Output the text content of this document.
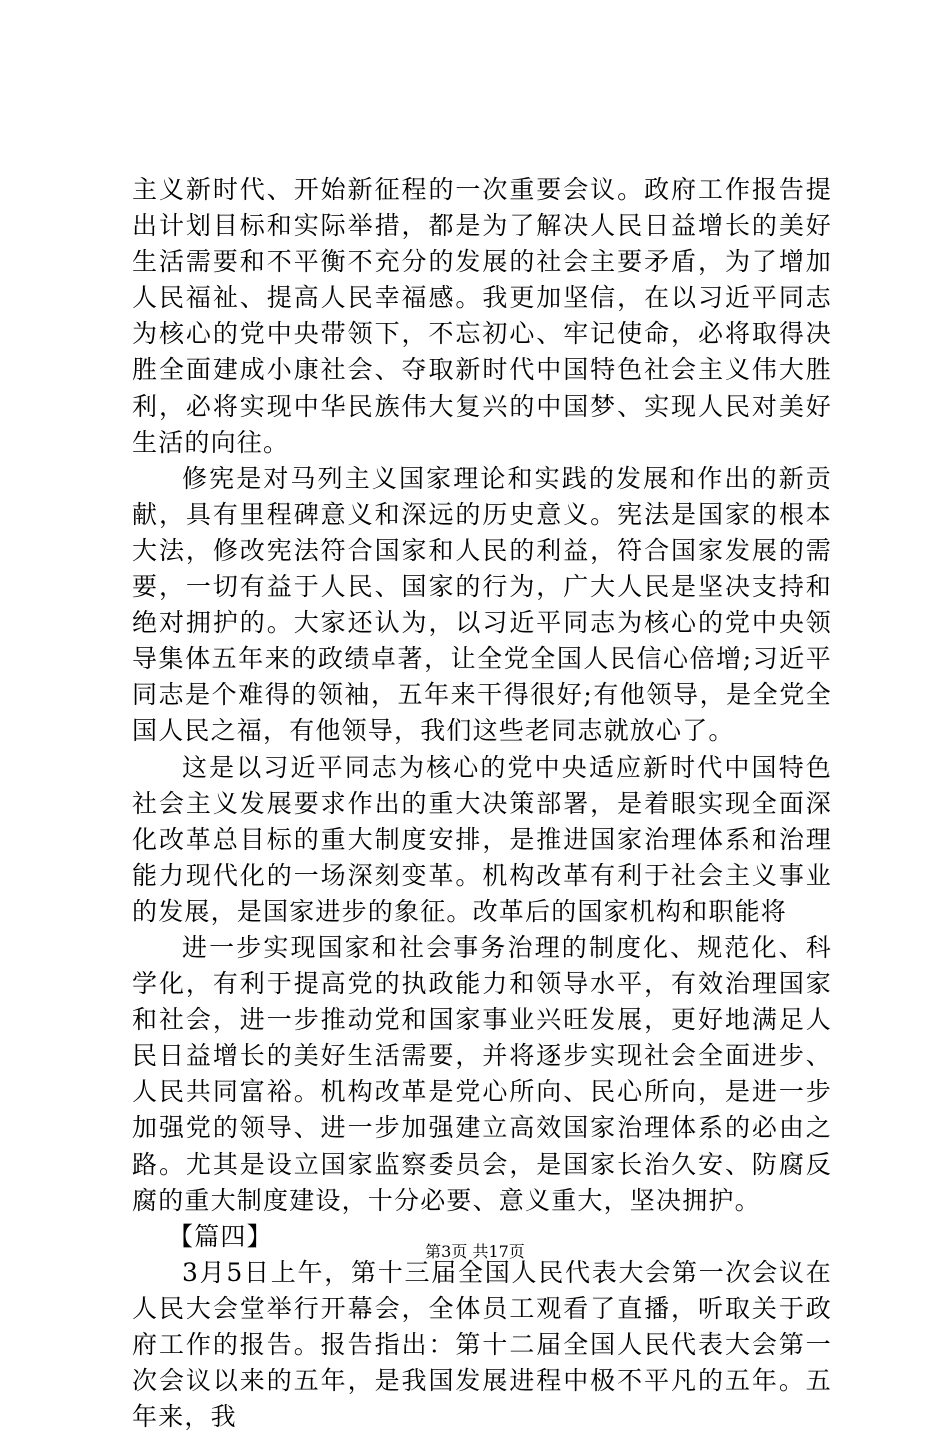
主义新时代、开始新征程的一次重要会议。政府工作报告提出计划目标和实际举措，都是为了解决人民日益增长的美好生活需要和不平衡不充分的发展的社会主要矛盾，为了增加人民福祉、提高人民幸福感。我更加坚信，在以习近平同志为核心的党中央带领下，不忘初心、牢记使命，必将取得决胜全面建成小康社会、夺取新时代中国特色社会主义伟大胜利，必将实现中华民族伟大复兴的中国梦、实现人民对美好生活的向往。

修宪是对马列主义国家理论和实践的发展和作出的新贡献，具有里程碑意义和深远的历史意义。宪法是国家的根本大法，修改宪法符合国家和人民的利益，符合国家发展的需要，一切有益于人民、国家的行为，广大人民是坚决支持和绝对拥护的。大家还认为，以习近平同志为核心的党中央领导集体五年来的政绩卓著，让全党全国人民信心倍增;习近平同志是个难得的领袖，五年来干得很好;有他领导，是全党全国人民之福，有他领导，我们这些老同志就放心了。

这是以习近平同志为核心的党中央适应新时代中国特色社会主义发展要求作出的重大决策部署，是着眼实现全面深化改革总目标的重大制度安排，是推进国家治理体系和治理能力现代化的一场深刻变革。机构改革有利于社会主义事业的发展，是国家进步的象征。改革后的国家机构和职能将

进一步实现国家和社会事务治理的制度化、规范化、科学化，有利于提高党的执政能力和领导水平，有效治理国家和社会，进一步推动党和国家事业兴旺发展，更好地满足人民日益增长的美好生活需要，并将逐步实现社会全面进步、人民共同富裕。机构改革是党心所向、民心所向，是进一步加强党的领导、进一步加强建立高效国家治理体系的必由之路。尤其是设立国家监察委员会，是国家长治久安、防腐反腐的重大制度建设，十分必要、意义重大，坚决拥护。

【篇四】

3月5日上午，第十三届全国人民代表大会第一次会议在人民大会堂举行开幕会，全体员工观看了直播，听取关于政府工作的报告。报告指出：第十二届全国人民代表大会第一次会议以来的五年，是我国发展进程中极不平凡的五年。五年来，我

第3页 共17页
